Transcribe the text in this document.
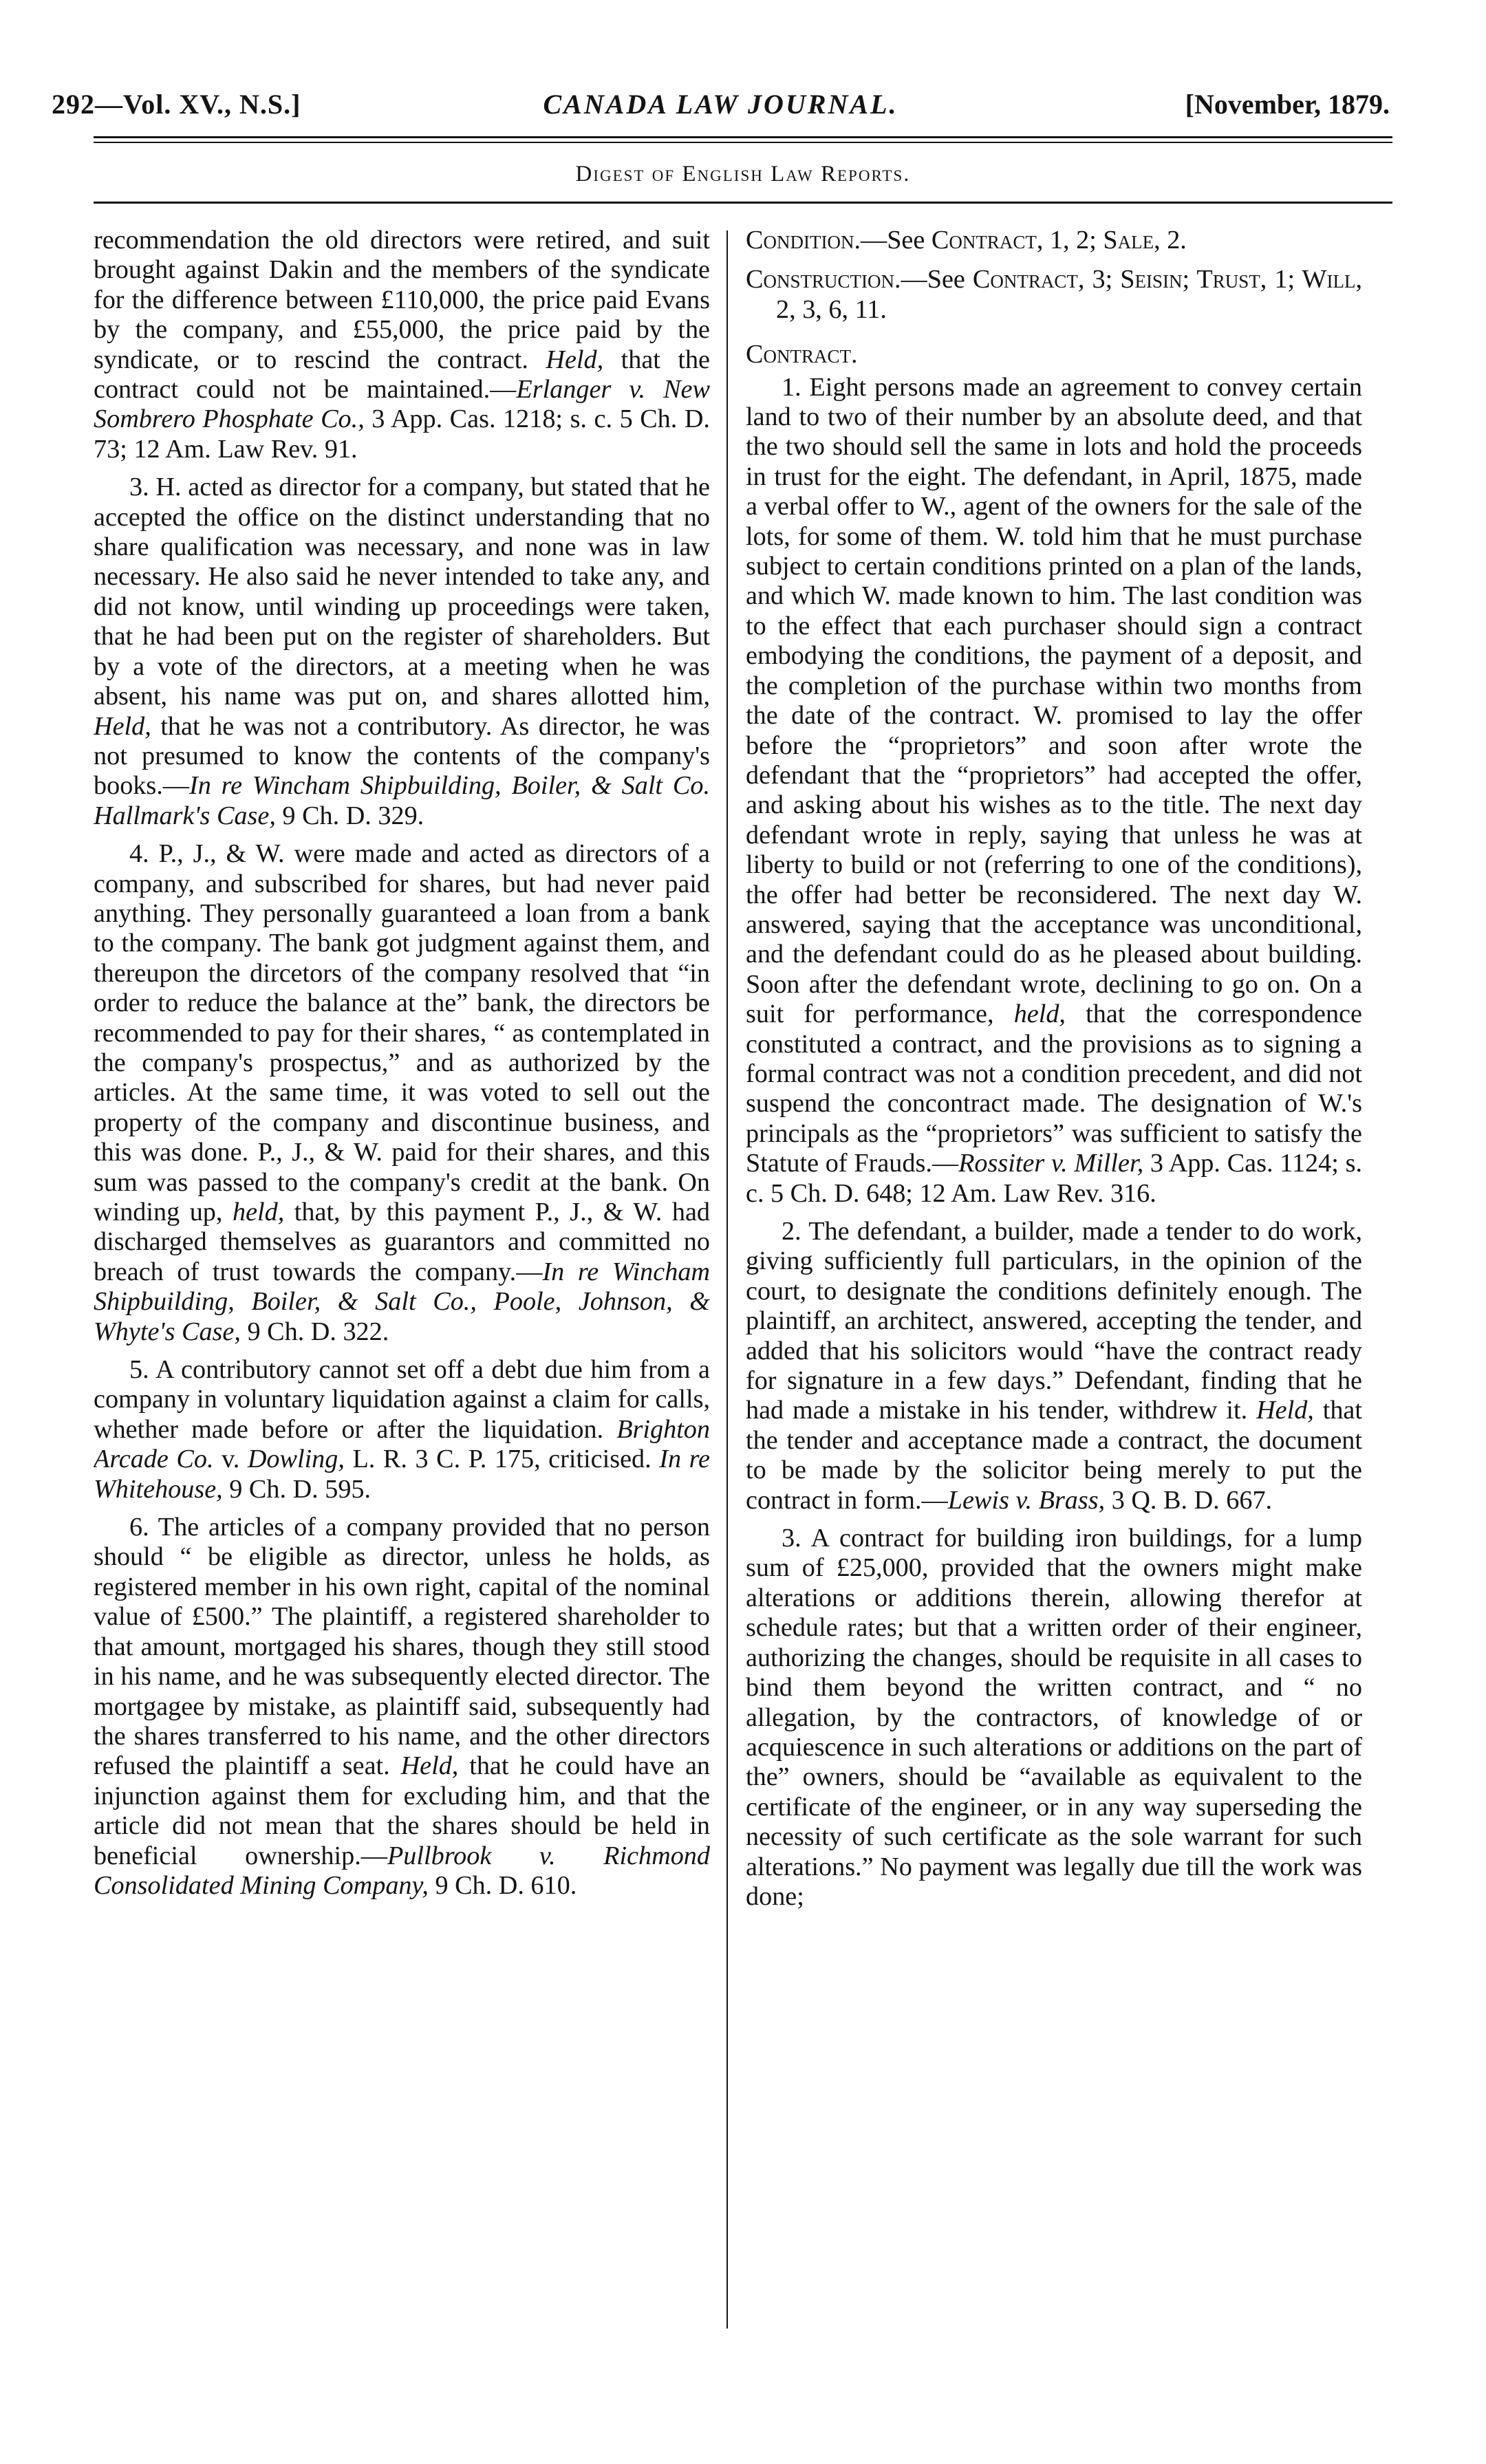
292—Vol. XV., N.S.]	CANADA LAW JOURNAL.	[November, 1879.
Digest of English Law Reports.

recommendation the old directors were retired, and suit brought against Dakin and the members of the syndicate for the difference between £110,000, the price paid Evans by the company, and £55,000, the price paid by the syndicate, or to rescind the contract. Held, that the contract could not be maintained.—Erlanger v. New Sombrero Phosphate Co., 3 App. Cas. 1218; s. c. 5 Ch. D. 73; 12 Am. Law Rev. 91.

3. H. acted as director for a company, but stated that he accepted the office on the distinct understanding that no share qualification was necessary, and none was in law necessary. He also said he never intended to take any, and did not know, until winding up proceedings were taken, that he had been put on the register of shareholders. But by a vote of the directors, at a meeting when he was absent, his name was put on, and shares allotted him, Held, that he was not a contributory. As director, he was not presumed to know the contents of the company's books.—In re Wincham Shipbuilding, Boiler, & Salt Co. Hallmark's Case, 9 Ch. D. 329.

4. P., J., & W. were made and acted as directors of a company, and subscribed for shares, but had never paid anything. They personally guaranteed a loan from a bank to the company. The bank got judgment against them, and thereupon the dircetors of the company resolved that “in order to reduce the balance at the” bank, the directors be recommended to pay for their shares, “ as contemplated in the company's prospectus,” and as authorized by the articles. At the same time, it was voted to sell out the property of the company and discontinue business, and this was done. P., J., & W. paid for their shares, and this sum was passed to the company's credit at the bank. On winding up, held, that, by this payment P., J., & W. had discharged themselves as guarantors and committed no breach of trust towards the company.—In re Wincham Shipbuilding, Boiler, & Salt Co., Poole, Johnson, & Whyte's Case, 9 Ch. D. 322.

5. A contributory cannot set off a debt due him from a company in voluntary liquidation against a claim for calls, whether made before or after the liquidation. Brighton Arcade Co. v. Dowling, L. R. 3 C. P. 175, criticised. In re Whitehouse, 9 Ch. D. 595.

6. The articles of a company provided that no person should “ be eligible as director, unless he holds, as registered member in his own right, capital of the nominal value of £500.” The plaintiff, a registered shareholder to that amount, mortgaged his shares, though they still stood in his name, and he was subsequently elected director. The mortgagee by mistake, as plaintiff said, subsequently had the shares transferred to his name, and the other directors refused the plaintiff a seat. Held, that he could have an injunction against them for excluding him, and that the article did not mean that the shares should be held in beneficial ownership.—Pullbrook v. Richmond Consolidated Mining Company, 9 Ch. D. 610.

Condition.—See Contract, 1, 2; Sale, 2.

Construction.—See Contract, 3; Seisin; Trust, 1; Will, 2, 3, 6, 11.

Contract.

1. Eight persons made an agreement to convey certain land to two of their number by an absolute deed, and that the two should sell the same in lots and hold the proceeds in trust for the eight. The defendant, in April, 1875, made a verbal offer to W., agent of the owners for the sale of the lots, for some of them. W. told him that he must purchase subject to certain conditions printed on a plan of the lands, and which W. made known to him. The last condition was to the effect that each purchaser should sign a contract embodying the conditions, the payment of a deposit, and the completion of the purchase within two months from the date of the contract. W. promised to lay the offer before the “proprietors” and soon after wrote the defendant that the “proprietors” had accepted the offer, and asking about his wishes as to the title. The next day defendant wrote in reply, saying that unless he was at liberty to build or not (referring to one of the conditions), the offer had better be reconsidered. The next day W. answered, saying that the acceptance was unconditional, and the defendant could do as he pleased about building. Soon after the defendant wrote, declining to go on. On a suit for performance, held, that the correspondence constituted a contract, and the provisions as to signing a formal contract was not a condition precedent, and did not suspend the concontract made. The designation of W.'s principals as the “proprietors” was sufficient to satisfy the Statute of Frauds.—Rossiter v. Miller, 3 App. Cas. 1124; s. c. 5 Ch. D. 648; 12 Am. Law Rev. 316.

2. The defendant, a builder, made a tender to do work, giving sufficiently full particulars, in the opinion of the court, to designate the conditions definitely enough. The plaintiff, an architect, answered, accepting the tender, and added that his solicitors would “have the contract ready for signature in a few days.” Defendant, finding that he had made a mistake in his tender, withdrew it. Held, that the tender and acceptance made a contract, the document to be made by the solicitor being merely to put the contract in form.—Lewis v. Brass, 3 Q. B. D. 667.

3. A contract for building iron buildings, for a lump sum of £25,000, provided that the owners might make alterations or additions therein, allowing therefor at schedule rates; but that a written order of their engineer, authorizing the changes, should be requisite in all cases to bind them beyond the written contract, and “ no allegation, by the contractors, of knowledge of or acquiescence in such alterations or additions on the part of the” owners, should be “available as equivalent to the certificate of the engineer, or in any way superseding the necessity of such certificate as the sole warrant for such alterations.” No payment was legally due till the work was done;
